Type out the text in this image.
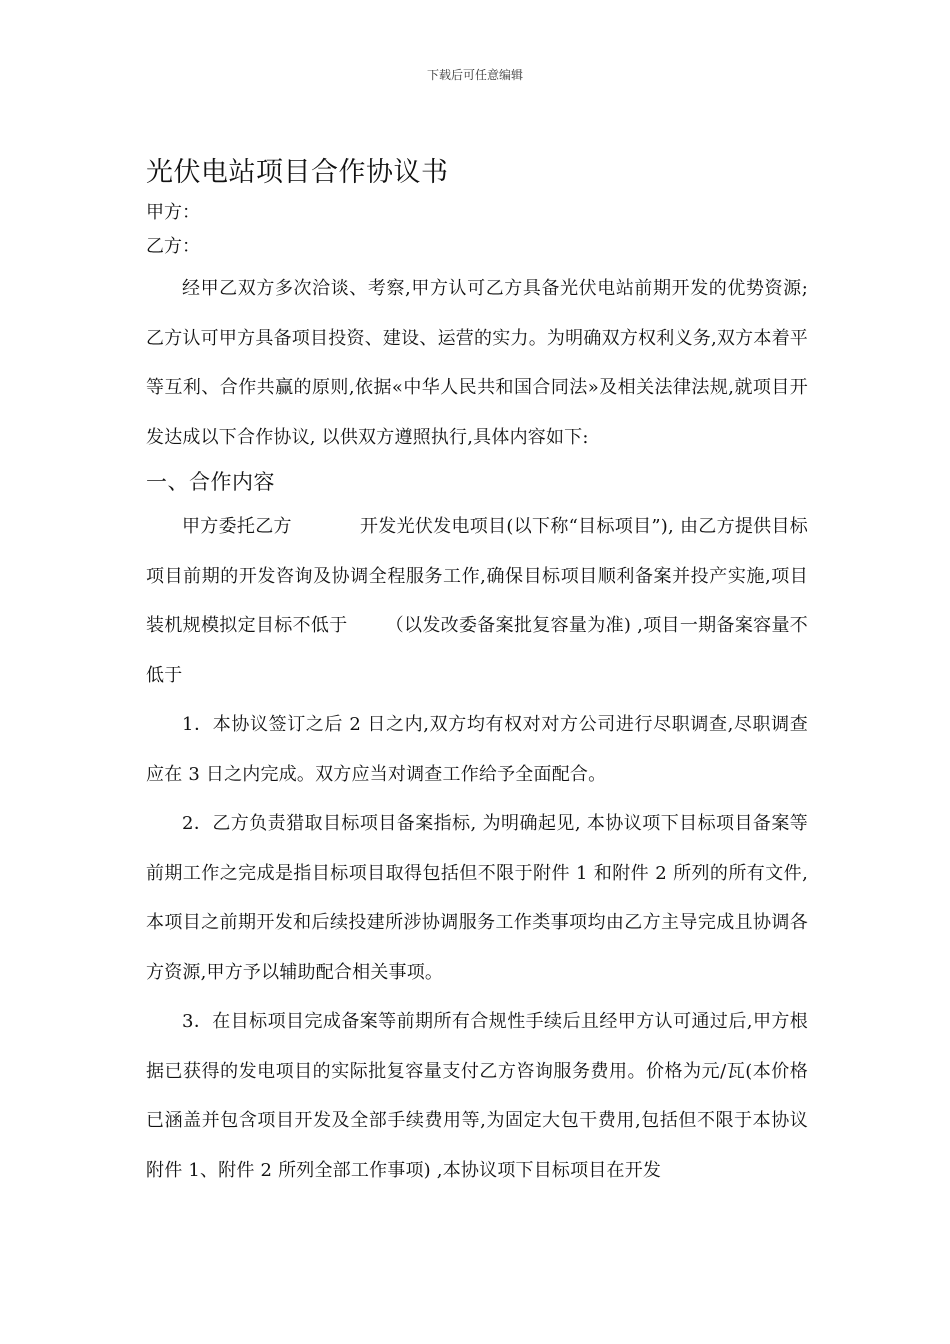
下载后可任意编辑
光伏电站项目合作协议书

甲方：

乙方：

经甲乙双方多次洽谈、考察,甲方认可乙方具备光伏电站前期开发的优势资源;乙方认可甲方具备项目投资、建设、运营的实力。为明确双方权利义务,双方本着平等互利、合作共赢的原则,依据«中华人民共和国合同法»及相关法律法规,就项目开发达成以下合作协议, 以供双方遵照执行,具体内容如下:

一、合作内容

甲方委托乙方	开发光伏发电项目(以下称“目标项目”), 由乙方提供目标项目前期的开发咨询及协调全程服务工作,确保目标项目顺利备案并投产实施,项目装机规模拟定目标不低于 （以发改委备案批复容量为准) ,项目一期备案容量不低于

1．本协议签订之后 2 日之内,双方均有权对对方公司进行尽职调查,尽职调查应在 3 日之内完成。双方应当对调查工作给予全面配合。

2．乙方负责猎取目标项目备案指标, 为明确起见, 本协议项下目标项目备案等前期工作之完成是指目标项目取得包括但不限于附件 1 和附件 2 所列的所有文件,本项目之前期开发和后续投建所涉协调服务工作类事项均由乙方主导完成且协调各方资源,甲方予以辅助配合相关事项。

3．在目标项目完成备案等前期所有合规性手续后且经甲方认可通过后,甲方根据已获得的发电项目的实际批复容量支付乙方咨询服务费用。价格为元/瓦(本价格已涵盖并包含项目开发及全部手续费用等,为固定大包干费用,包括但不限于本协议附件 1、附件 2 所列全部工作事项) ,本协议项下目标项目在开发
